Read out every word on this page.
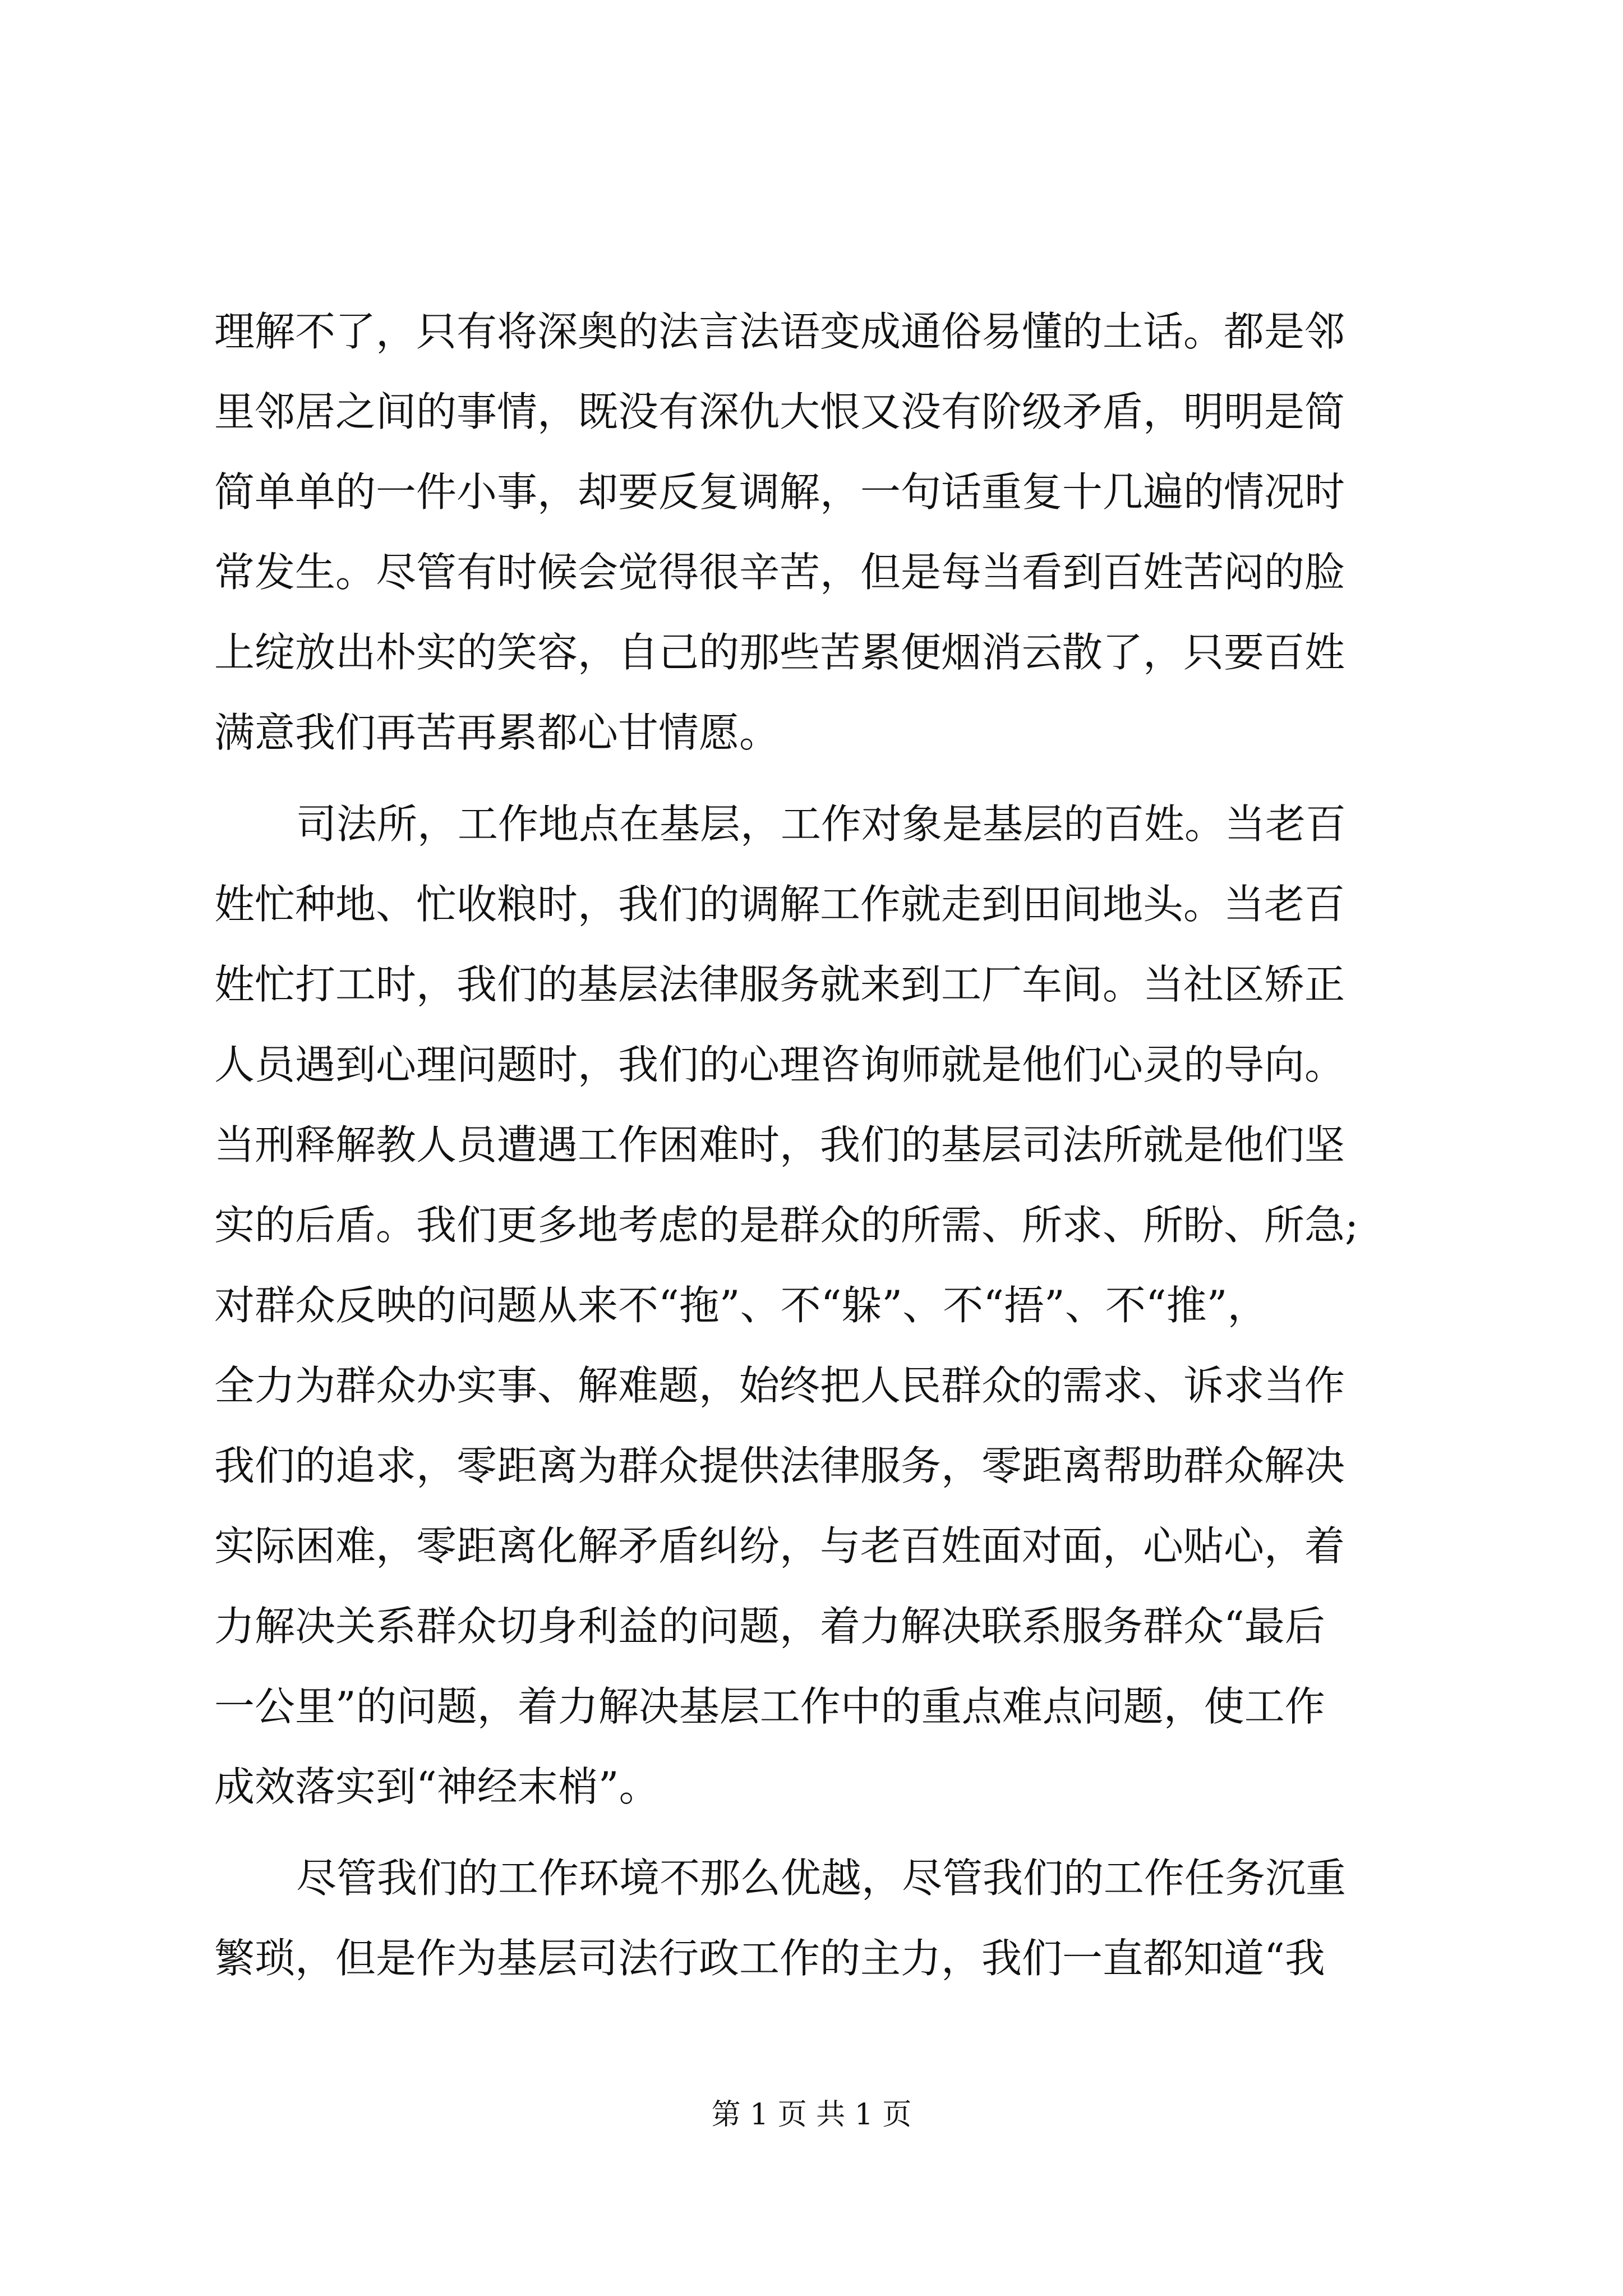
理解不了，只有将深奥的法言法语变成通俗易懂的土话。都是邻
里邻居之间的事情，既没有深仇大恨又没有阶级矛盾，明明是简
简单单的一件小事，却要反复调解，一句话重复十几遍的情况时
常发生。尽管有时候会觉得很辛苦，但是每当看到百姓苦闷的脸
上绽放出朴实的笑容，自己的那些苦累便烟消云散了，只要百姓
满意我们再苦再累都心甘情愿。
司法所，工作地点在基层，工作对象是基层的百姓。当老百
姓忙种地、忙收粮时，我们的调解工作就走到田间地头。当老百
姓忙打工时，我们的基层法律服务就来到工厂车间。当社区矫正
人员遇到心理问题时，我们的心理咨询师就是他们心灵的导向。
当刑释解教人员遭遇工作困难时，我们的基层司法所就是他们坚
实的后盾。我们更多地考虑的是群众的所需、所求、所盼、所急;
对群众反映的问题从来不“拖”、不“躲”、不“捂”、不“推”，
全力为群众办实事、解难题，始终把人民群众的需求、诉求当作
我们的追求，零距离为群众提供法律服务，零距离帮助群众解决
实际困难，零距离化解矛盾纠纷，与老百姓面对面，心贴心，着
力解决关系群众切身利益的问题，着力解决联系服务群众“最后
一公里”的问题，着力解决基层工作中的重点难点问题，使工作
成效落实到“神经末梢”。
尽管我们的工作环境不那么优越，尽管我们的工作任务沉重
繁琐，但是作为基层司法行政工作的主力，我们一直都知道“我
第 1 页 共 1 页
